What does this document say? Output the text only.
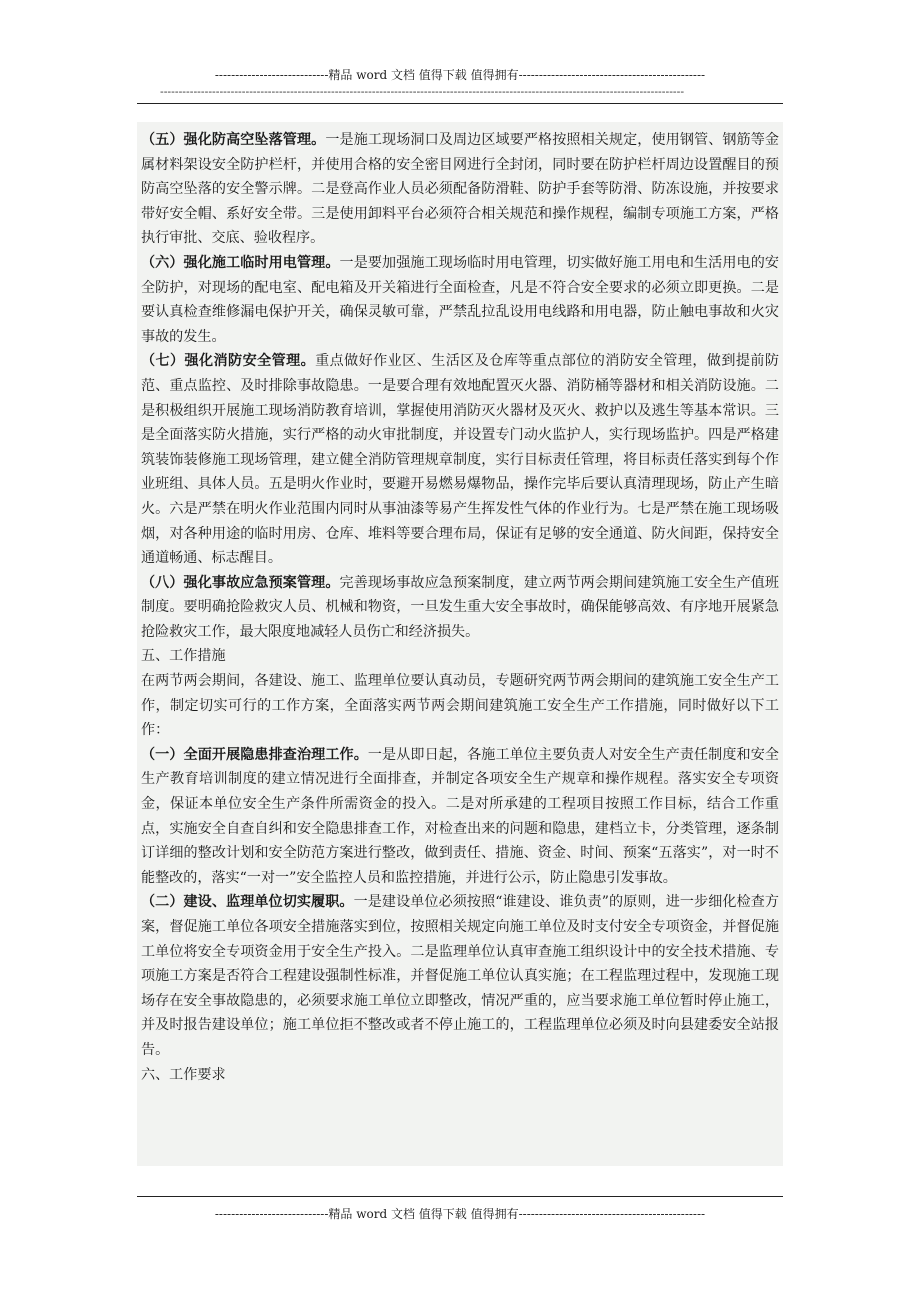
----------------------------精品 word 文档 值得下载 值得拥有----------------------------------------------
---------------------------------------------------------------------------------------------------------------------------------------------

（五）强化防高空坠落管理。一是施工现场洞口及周边区域要严格按照相关规定，使用钢管、钢筋等金属材料架设安全防护栏杆，并使用合格的安全密目网进行全封闭，同时要在防护栏杆周边设置醒目的预防高空坠落的安全警示牌。二是登高作业人员必须配备防滑鞋、防护手套等防滑、防冻设施，并按要求带好安全帽、系好安全带。三是使用卸料平台必须符合相关规范和操作规程，编制专项施工方案，严格执行审批、交底、验收程序。

（六）强化施工临时用电管理。一是要加强施工现场临时用电管理，切实做好施工用电和生活用电的安全防护，对现场的配电室、配电箱及开关箱进行全面检查，凡是不符合安全要求的必须立即更换。二是要认真检查维修漏电保护开关，确保灵敏可靠，严禁乱拉乱设用电线路和用电器，防止触电事故和火灾事故的发生。

（七）强化消防安全管理。重点做好作业区、生活区及仓库等重点部位的消防安全管理，做到提前防范、重点监控、及时排除事故隐患。一是要合理有效地配置灭火器、消防桶等器材和相关消防设施。二是积极组织开展施工现场消防教育培训，掌握使用消防灭火器材及灭火、救护以及逃生等基本常识。三是全面落实防火措施，实行严格的动火审批制度，并设置专门动火监护人，实行现场监护。四是严格建筑装饰装修施工现场管理，建立健全消防管理规章制度，实行目标责任管理，将目标责任落实到每个作业班组、具体人员。五是明火作业时，要避开易燃易爆物品，操作完毕后要认真清理现场，防止产生暗火。六是严禁在明火作业范围内同时从事油漆等易产生挥发性气体的作业行为。七是严禁在施工现场吸烟，对各种用途的临时用房、仓库、堆料等要合理布局，保证有足够的安全通道、防火间距，保持安全通道畅通、标志醒目。

（八）强化事故应急预案管理。完善现场事故应急预案制度，建立两节两会期间建筑施工安全生产值班制度。要明确抢险救灾人员、机械和物资，一旦发生重大安全事故时，确保能够高效、有序地开展紧急抢险救灾工作，最大限度地减轻人员伤亡和经济损失。

五、工作措施

在两节两会期间，各建设、施工、监理单位要认真动员，专题研究两节两会期间的建筑施工安全生产工作，制定切实可行的工作方案，全面落实两节两会期间建筑施工安全生产工作措施，同时做好以下工作：

（一）全面开展隐患排查治理工作。一是从即日起，各施工单位主要负责人对安全生产责任制度和安全生产教育培训制度的建立情况进行全面排查，并制定各项安全生产规章和操作规程。落实安全专项资金，保证本单位安全生产条件所需资金的投入。二是对所承建的工程项目按照工作目标，结合工作重点，实施安全自查自纠和安全隐患排查工作，对检查出来的问题和隐患，建档立卡，分类管理，逐条制订详细的整改计划和安全防范方案进行整改，做到责任、措施、资金、时间、预案“五落实”，对一时不能整改的，落实“一对一”安全监控人员和监控措施，并进行公示，防止隐患引发事故。

（二）建设、监理单位切实履职。一是建设单位必须按照“谁建设、谁负责”的原则，进一步细化检查方案，督促施工单位各项安全措施落实到位，按照相关规定向施工单位及时支付安全专项资金，并督促施工单位将安全专项资金用于安全生产投入。二是监理单位认真审查施工组织设计中的安全技术措施、专项施工方案是否符合工程建设强制性标准，并督促施工单位认真实施；在工程监理过程中，发现施工现场存在安全事故隐患的，必须要求施工单位立即整改，情况严重的，应当要求施工单位暂时停止施工，并及时报告建设单位；施工单位拒不整改或者不停止施工的，工程监理单位必须及时向县建委安全站报告。

六、工作要求

----------------------------精品 word 文档 值得下载 值得拥有----------------------------------------------
